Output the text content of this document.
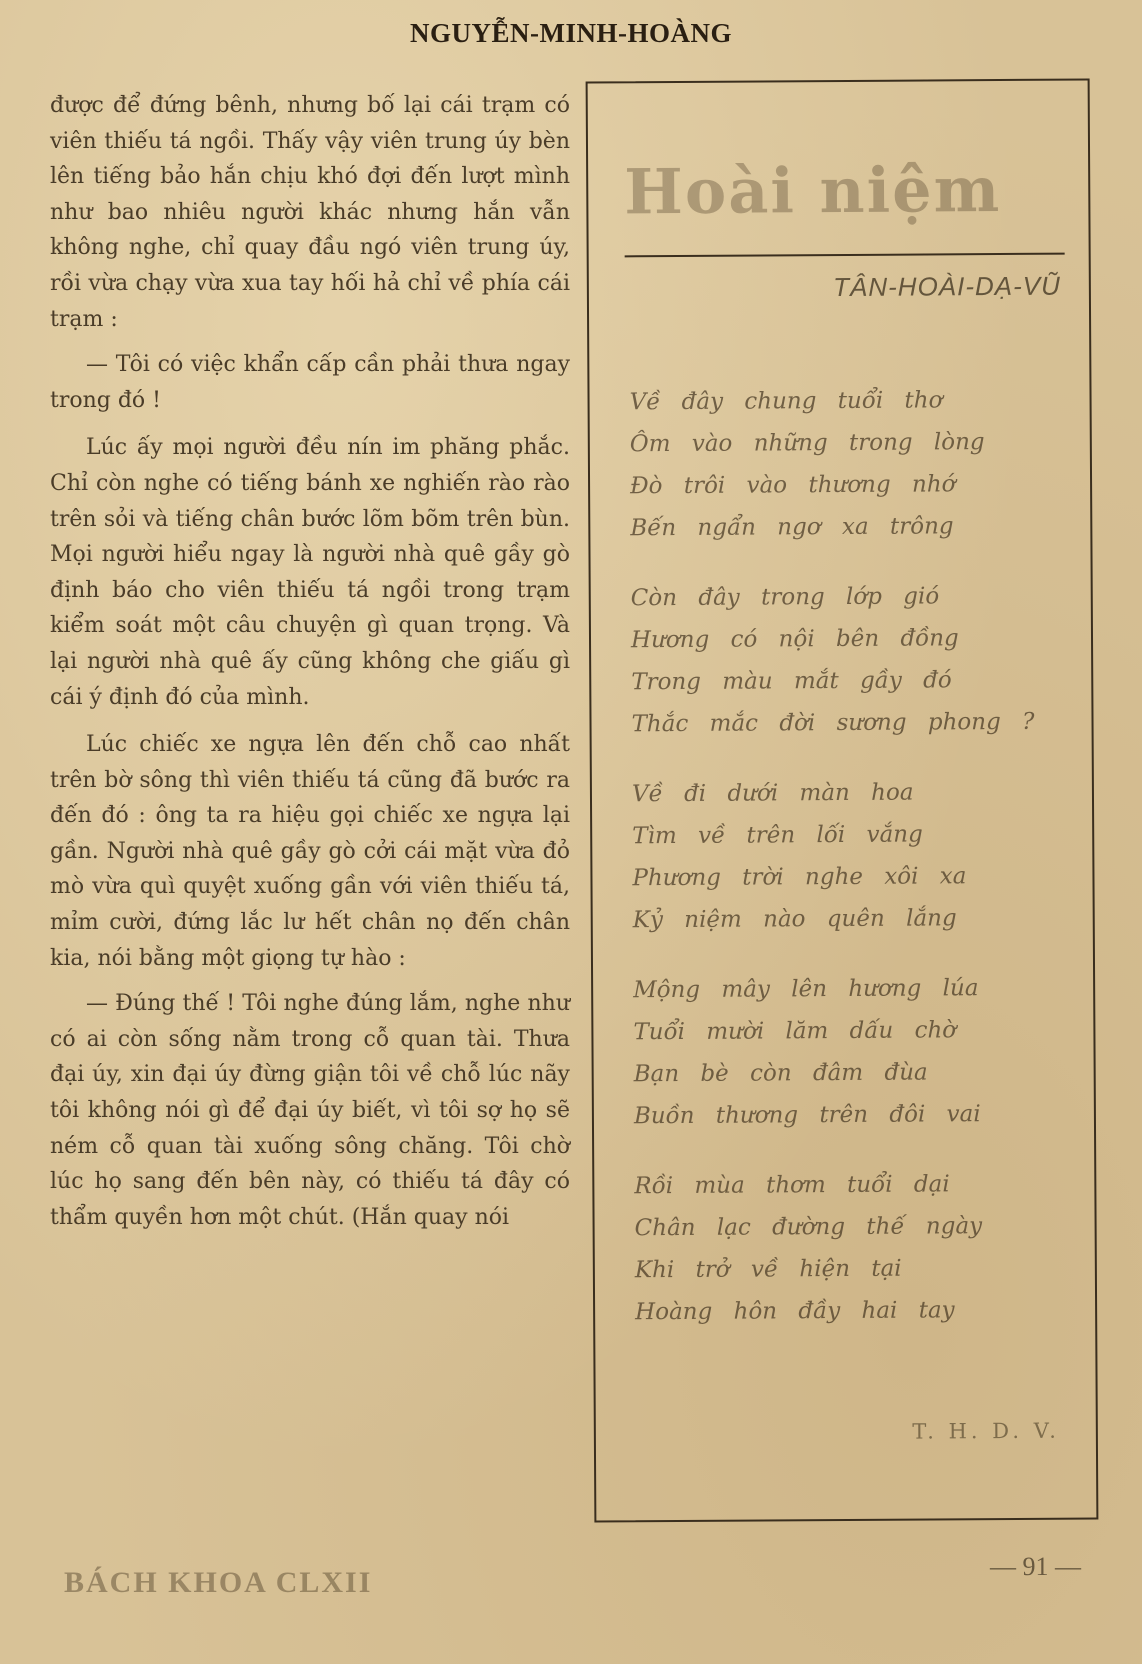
NGUYỄN-MINH-HOÀNG

được để đứng bênh, nhưng bố lại cái trạm có viên thiếu tá ngồi. Thấy vậy viên trung úy bèn lên tiếng bảo hắn chịu khó đợi đến lượt mình như bao nhiêu người khác nhưng hắn vẫn không nghe, chỉ quay đầu ngó viên trung úy, rồi vừa chạy vừa xua tay hối hả chỉ về phía cái trạm :

— Tôi có việc khẩn cấp cần phải thưa ngay trong đó !

Lúc ấy mọi người đều nín im phăng phắc. Chỉ còn nghe có tiếng bánh xe nghiến rào rào trên sỏi và tiếng chân bước lõm bõm trên bùn. Mọi người hiểu ngay là người nhà quê gầy gò định báo cho viên thiếu tá ngồi trong trạm kiểm soát một câu chuyện gì quan trọng. Và lại người nhà quê ấy cũng không che giấu gì cái ý định đó của mình.

Lúc chiếc xe ngựa lên đến chỗ cao nhất trên bờ sông thì viên thiếu tá cũng đã bước ra đến đó : ông ta ra hiệu gọi chiếc xe ngựa lại gần. Người nhà quê gầy gò cởi cái mặt vừa đỏ mò vừa quì quyệt xuống gần với viên thiếu tá, mỉm cười, đứng lắc lư hết chân nọ đến chân kia, nói bằng một giọng tự hào :

— Đúng thế ! Tôi nghe đúng lắm, nghe như có ai còn sống nằm trong cỗ quan tài. Thưa đại úy, xin đại úy đừng giận tôi về chỗ lúc nãy tôi không nói gì để đại úy biết, vì tôi sợ họ sẽ ném cỗ quan tài xuống sông chăng. Tôi chờ lúc họ sang đến bên này, có thiếu tá đây có thẩm quyền hơn một chút. (Hắn quay nói

Hoài niệm
TÂN-HOÀI-DẠ-VŨ
Về đây chung tuổi thơ
Ôm vào những trong lòng
Đò trôi vào thương nhớ
Bến ngẩn ngơ xa trông
Còn đây trong lớp gió
Hương có nội bên đồng
Trong màu mắt gầy đó
Thắc mắc đời sương phong ?
Về đi dưới màn hoa
Tìm về trên lối vắng
Phương trời nghe xôi xa
Kỷ niệm nào quên lắng
Mộng mây lên hương lúa
Tuổi mười lăm dấu chờ
Bạn bè còn đâm đùa
Buồn thương trên đôi vai
Rồi mùa thơm tuổi dại
Chân lạc đường thế ngày
Khi trở về hiện tại
Hoàng hôn đầy hai tay
T. H. D. V.
BÁCH KHOA CLXII	— 91 —
